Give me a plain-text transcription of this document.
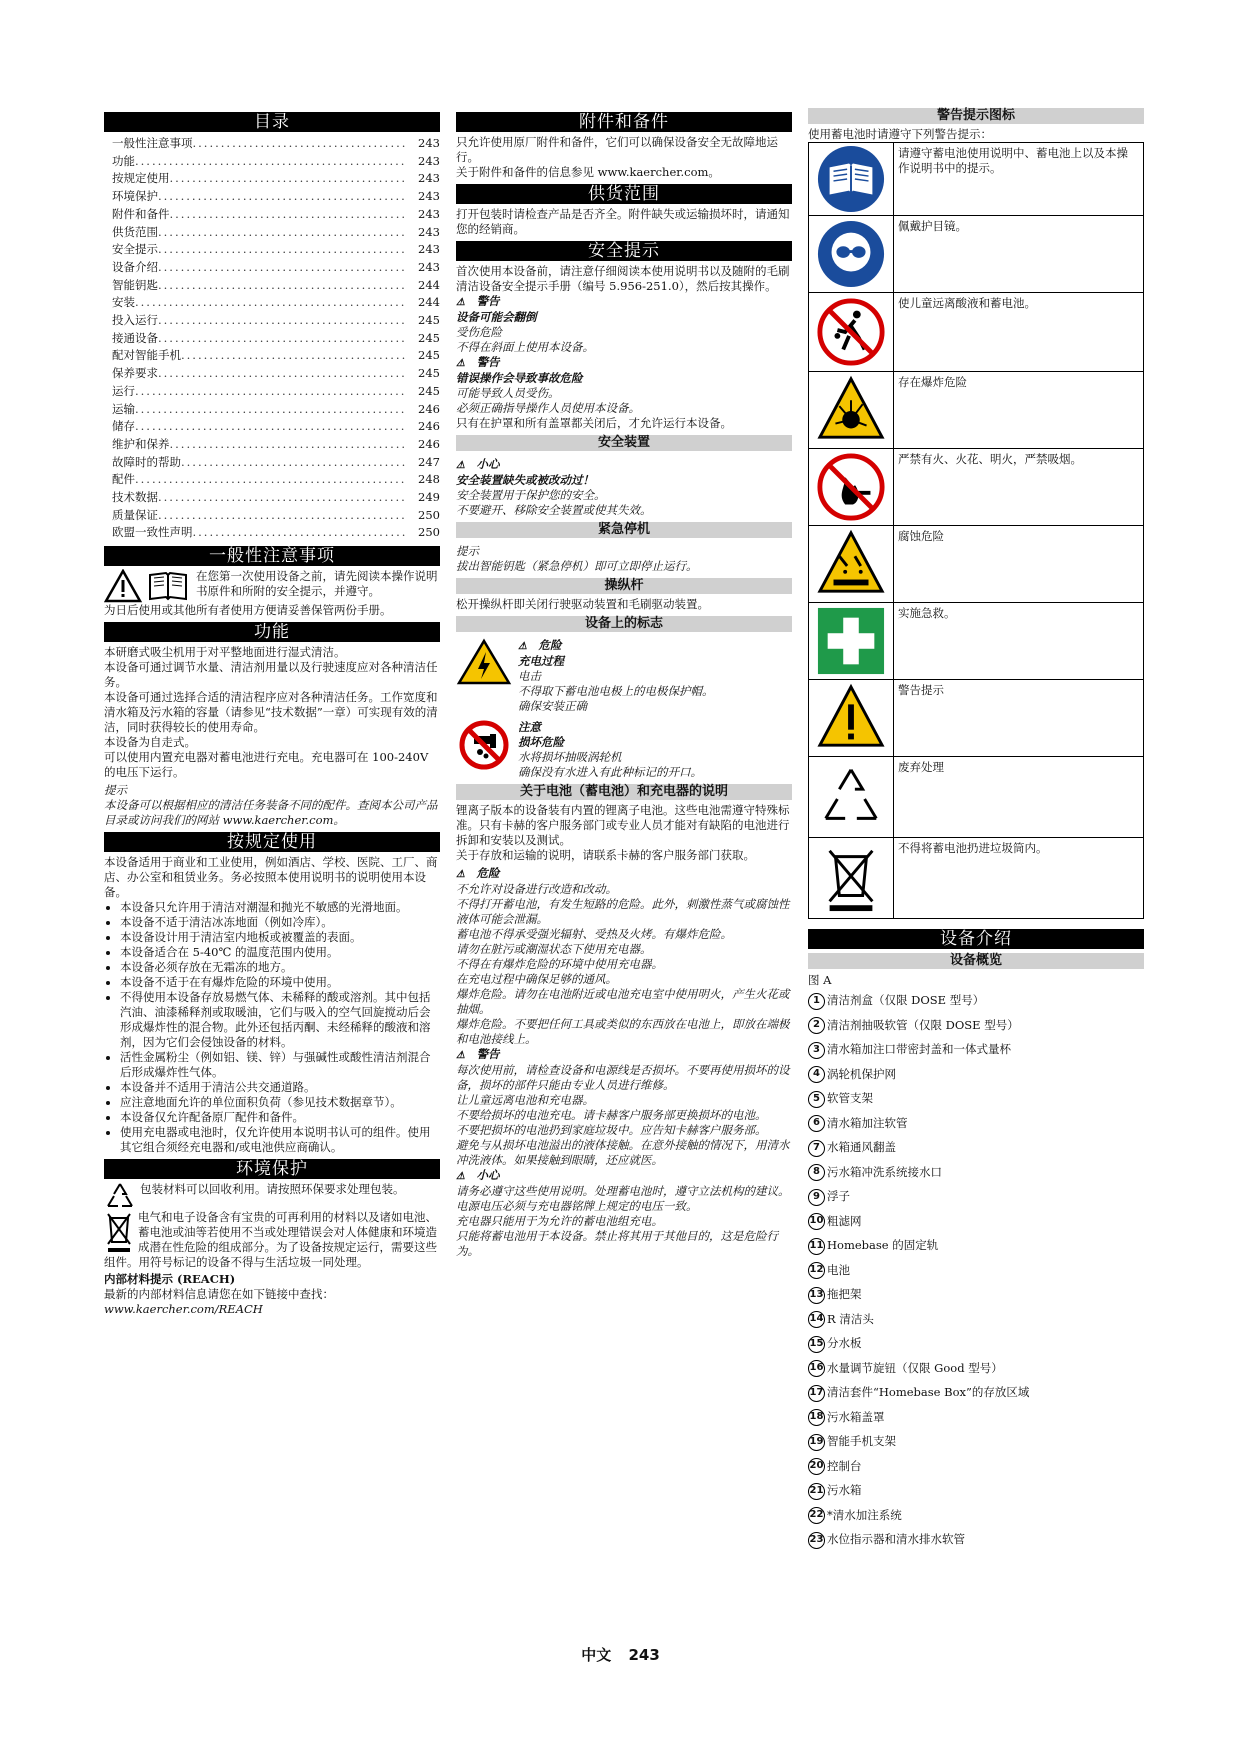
目录
一般性注意事项 .....	243
功能 .....	243
按规定使用 .....	243
环境保护 .....	243
附件和备件 .....	243
供货范围 .....	243
安全提示 .....	243
设备介绍 .....	243
智能钥匙 .....	244
安装 .....	244
投入运行 .....	245
接通设备 .....	245
配对智能手机 .....	245
保养要求 .....	245
运行 .....	245
运输 .....	246
储存 .....	246
维护和保养 .....	246
故障时的帮助 .....	247
配件 .....	248
技术数据 .....	249
质量保证 .....	250
欧盟一致性声明 .....	250
一般性注意事项

在您第一次使用设备之前，请先阅读本操作说明书原件和所附的安全提示，并遵守。

为日后使用或其他所有者使用方便请妥善保管两份手册。

功能

本研磨式吸尘机用于对平整地面进行湿式清洁。

本设备可通过调节水量、清洁剂用量以及行驶速度应对各种清洁任务。

本设备可通过选择合适的清洁程序应对各种清洁任务。工作宽度和清水箱及污水箱的容量（请参见“技术数据”一章）可实现有效的清洁，同时获得较长的使用寿命。

本设备为自走式。

可以使用内置充电器对蓄电池进行充电。充电器可在 100-240V 的电压下运行。

提示

本设备可以根据相应的清洁任务装备不同的配件。查阅本公司产品目录或访问我们的网站 www.kaercher.com。

按规定使用

本设备适用于商业和工业使用，例如酒店、学校、医院、工厂、商店、办公室和租赁业务。务必按照本使用说明书的说明使用本设备。

• 本设备只允许用于清洁对潮湿和抛光不敏感的光滑地面。
• 本设备不适于清洁冰冻地面（例如冷库）。
• 本设备设计用于清洁室内地板或被覆盖的表面。
• 本设备适合在 5-40℃ 的温度范围内使用。
• 本设备必须存放在无霜冻的地方。
• 本设备不适于在有爆炸危险的环境中使用。
• 不得使用本设备存放易燃气体、未稀释的酸或溶剂。其中包括汽油、油漆稀释剂或取暖油，它们与吸入的空气回旋搅动后会形成爆炸性的混合物。此外还包括丙酮、未经稀释的酸液和溶剂，因为它们会侵蚀设备的材料。
• 活性金属粉尘（例如铝、镁、锌）与强碱性或酸性清洁剂混合后形成爆炸性气体。
• 本设备并不适用于清洁公共交通道路。
• 应注意地面允许的单位面积负荷（参见技术数据章节）。
• 本设备仅允许配备原厂配件和备件。
• 使用充电器或电池时，仅允许使用本说明书认可的组件。使用其它组合须经充电器和/或电池供应商确认。
环境保护

包装材料可以回收利用。请按照环保要求处理包装。

电气和电子设备含有宝贵的可再利用的材料以及诸如电池、蓄电池或油等若使用不当或处理错误会对人体健康和环境造成潜在性危险的组成部分。为了设备按规定运行，需要这些组件。用符号标记的设备不得与生活垃圾一同处理。

内部材料提示 (REACH)

最新的内部材料信息请您在如下链接中查找：

www.kaercher.com/REACH

附件和备件

只允许使用原厂附件和备件，它们可以确保设备安全无故障地运行。

关于附件和备件的信息参见 www.kaercher.com。

供货范围

打开包装时请检查产品是否齐全。附件缺失或运输损坏时，请通知您的经销商。

安全提示

首次使用本设备前，请注意仔细阅读本使用说明书以及随附的毛刷清洁设备安全提示手册（编号 5.956-251.0），然后按其操作。

⚠　 警告

设备可能会翻倒

受伤危险

不得在斜面上使用本设备。

⚠　 警告

错误操作会导致事故危险

可能导致人员受伤。

必须正确指导操作人员使用本设备。

只有在护罩和所有盖罩都关闭后，才允许运行本设备。

安全装置

⚠　 小心

安全装置缺失或被改动过！

安全装置用于保护您的安全。

不要避开、移除安全装置或使其失效。

紧急停机

提示

拔出智能钥匙（紧急停机）即可立即停止运行。

操纵杆

松开操纵杆即关闭行驶驱动装置和毛刷驱动装置。

设备上的标志

⚠　 危险

充电过程

电击

不得取下蓄电池电极上的电极保护帽。

确保安装正确

注意

损坏危险

水将损坏抽吸涡轮机

确保没有水进入有此种标记的开口。

关于电池（蓄电池）和充电器的说明

锂离子版本的设备装有内置的锂离子电池。这些电池需遵守特殊标准。只有卡赫的客户服务部门或专业人员才能对有缺陷的电池进行拆卸和安装以及测试。

关于存放和运输的说明，请联系卡赫的客户服务部门获取。

⚠　 危险

不允许对设备进行改造和改动。

不得打开蓄电池，有发生短路的危险。此外，刺激性蒸气或腐蚀性液体可能会泄漏。

蓄电池不得承受强光辐射、受热及火烤。有爆炸危险。

请勿在脏污或潮湿状态下使用充电器。

不得在有爆炸危险的环境中使用充电器。

在充电过程中确保足够的通风。

爆炸危险。请勿在电池附近或电池充电室中使用明火，产生火花或抽烟。

爆炸危险。不要把任何工具或类似的东西放在电池上，即放在端极和电池接线上。

⚠　 警告

每次使用前，请检查设备和电源线是否损坏。不要再使用损坏的设备，损坏的部件只能由专业人员进行维修。

让儿童远离电池和充电器。

不要给损坏的电池充电。请卡赫客户服务部更换损坏的电池。

不要把损坏的电池扔到家庭垃圾中。应告知卡赫客户服务部。

避免与从损坏电池溢出的液体接触。在意外接触的情况下，用清水冲洗液体。如果接触到眼睛，还应就医。

⚠　 小心

请务必遵守这些使用说明。处理蓄电池时，遵守立法机构的建议。

电源电压必须与充电器铭牌上规定的电压一致。

充电器只能用于为允许的蓄电池组充电。

只能将蓄电池用于本设备。禁止将其用于其他目的，这是危险行为。

警告提示图标

使用蓄电池时请遵守下列警告提示：

请遵守蓄电池使用说明中、蓄电池上以及本操作说明书中的提示。
佩戴护目镜。
使儿童远离酸液和蓄电池。
存在爆炸危险
严禁有火、火花、明火，严禁吸烟。
腐蚀危险
实施急救。
警告提示
废弃处理
不得将蓄电池扔进垃圾筒内。
设备介绍
设备概览

图 A

1 清洁剂盒（仅限 DOSE 型号）
2 清洁剂抽吸软管（仅限 DOSE 型号）
3 清水箱加注口带密封盖和一体式量杯
4 涡轮机保护网
5 软管支架
6 清水箱加注软管
7 水箱通风翻盖
8 污水箱冲洗系统接水口
9 浮子
10 粗滤网
11 Homebase 的固定轨
12 电池
13 拖把架
14 R 清洁头
15 分水板
16 水量调节旋钮（仅限 Good 型号）
17 清洁套件“Homebase Box”的存放区域
18 污水箱盖罩
19 智能手机支架
20 控制台
21 污水箱
22 *清水加注系统
23 水位指示器和清水排水软管
中文 243
